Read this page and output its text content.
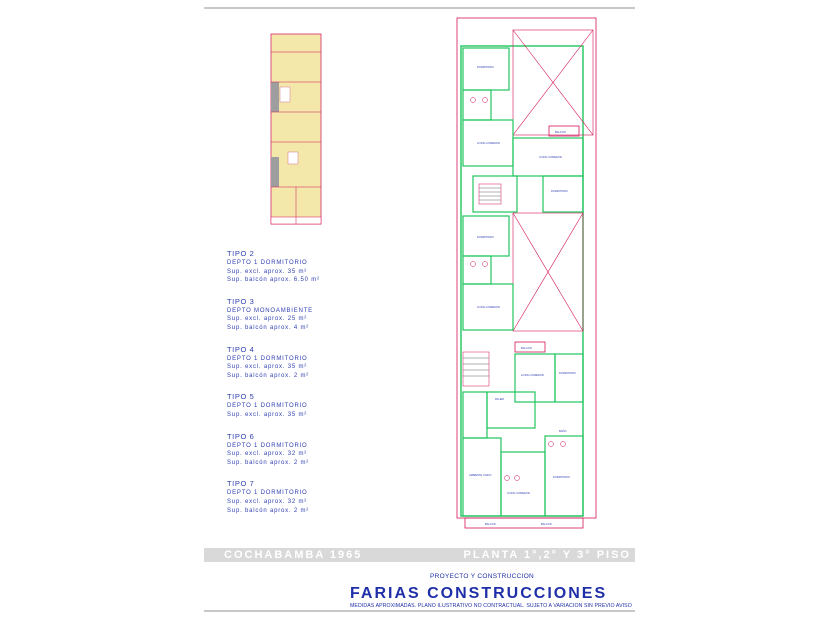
TIPO 2
DEPTO 1 DORMITORIO
Sup. excl. aprox. 35 m²
Sup. balcón aprox. 6.50 m²
TIPO 3
DEPTO MONOAMBIENTE
Sup. excl. aprox. 25 m²
Sup. balcón aprox. 4 m²
TIPO 4
DEPTO 1 DORMITORIO
Sup. excl. aprox. 35 m²
Sup. balcón aprox. 2 m²
TIPO 5
DEPTO 1 DORMITORIO
Sup. excl. aprox. 35 m²
TIPO 6
DEPTO 1 DORMITORIO
Sup. excl. aprox. 32 m²
Sup. balcón aprox. 2 m²
TIPO 7
DEPTO 1 DORMITORIO
Sup. excl. aprox. 32 m²
Sup. balcón aprox. 2 m²
DORMITORIO
LIVING COMEDOR
BALCON
LIVING COMEDOR
DORMITORIO
DORMITORIO
LIVING COMEDOR
BALCON
LIVING COMEDOR
DORMITORIO
PALIER
BAÑO
AMBIENTE UNICO
LIVING COMEDOR
DORMITORIO
BALCON	BALCON
COCHABAMBA 1965	PLANTA 1°,2° Y 3° PISO
PROYECTO Y CONSTRUCCION
FARIAS CONSTRUCCIONES
MEDIDAS APROXIMADAS. PLANO ILUSTRATIVO NO CONTRACTUAL. SUJETO A VARIACION SIN PREVIO AVISO
